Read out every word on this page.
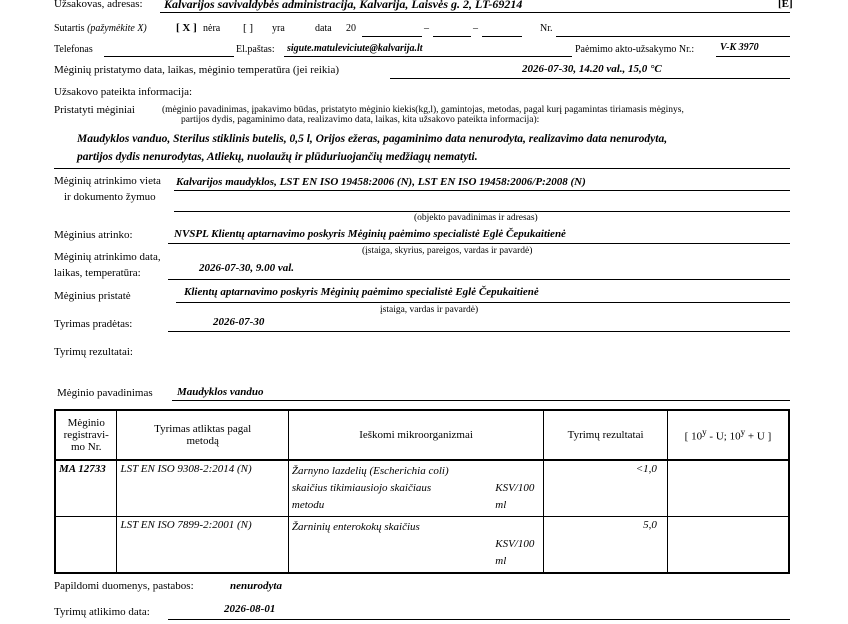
Užsakovas, adresas: Kalvarijos savivaldybės administracija, Kalvarija, Laisvės g. 2, LT-69214	[E]
Sutartis (pažymėkite X)	[ X ] nėra [ ] yra	data 20	–	–	Nr.
Telefonas	El.paštas: sigute.matuleviciute@kalvarija.lt	Paėmimo akto-užsakymo Nr.:	V-K 3970
Mėginių pristatymo data, laikas, mėginio temperatūra (jei reikia)	2026-07-30, 14.20 val., 15,0 °C
Užsakovo pateikta informacija:
Pristatyti mėginiai	(mėginio pavadinimas, įpakavimo būdas, pristatyto mėginio kiekis(kg,l), gamintojas, metodas, pagal kurį pagamintas tiriamasis mėginys,
partijos dydis, pagaminimo data, realizavimo data, laikas, kita užsakovo pateikta informacija):
Maudyklos vanduo, Sterilus stiklinis butelis, 0,5 l, Orijos ežeras, pagaminimo data nenurodyta, realizavimo data nenurodyta,
partijos dydis nenurodytas, Atliekų, nuolaužų ir plūduriuojančių medžiagų nematyti.
Mėginių atrinkimo vieta
ir dokumento žymuo
Kalvarijos maudyklos, LST EN ISO 19458:2006 (N), LST EN ISO 19458:2006/P:2008 (N)
(objekto pavadinimas ir adresas)
Mėginius atrinko:	NVSPL Klientų aptarnavimo poskyris Mėginių paėmimo specialistė Eglė Čepukaitienė
(įstaiga, skyrius, pareigos, vardas ir pavardė)
Mėginių atrinkimo data,
laikas, temperatūra:	2026-07-30, 9.00 val.
Mėginius pristatė	Klientų aptarnavimo poskyris Mėginių paėmimo specialistė Eglė Čepukaitienė
įstaiga, vardas ir pavardė)
Tyrimas pradėtas:	2026-07-30
Tyrimų rezultatai:
Mėginio pavadinimas Maudyklos vanduo
Mėginio
registravi-
mo Nr.	Tyrimas atliktas pagal
metodą	Ieškomi mikroorganizmai	Tyrimų rezultatai	[ 10$^y$ - U; $10^y + U$ ]
MA 12733	LST EN ISO 9308-2:2014 (N)	Žarnyno lazdelių (Escherichia coli)
skaičius tikimiausiojo skaičiaus
metodu
KSV/100
ml	<1,0	
	LST EN ISO 7899-2:2001 (N)	Žarninių enterokokų skaičius
KSV/100
ml	5,0	
Papildomi duomenys, pastabos:	nenurodyta
Tyrimų atlikimo data:	2026-08-01
